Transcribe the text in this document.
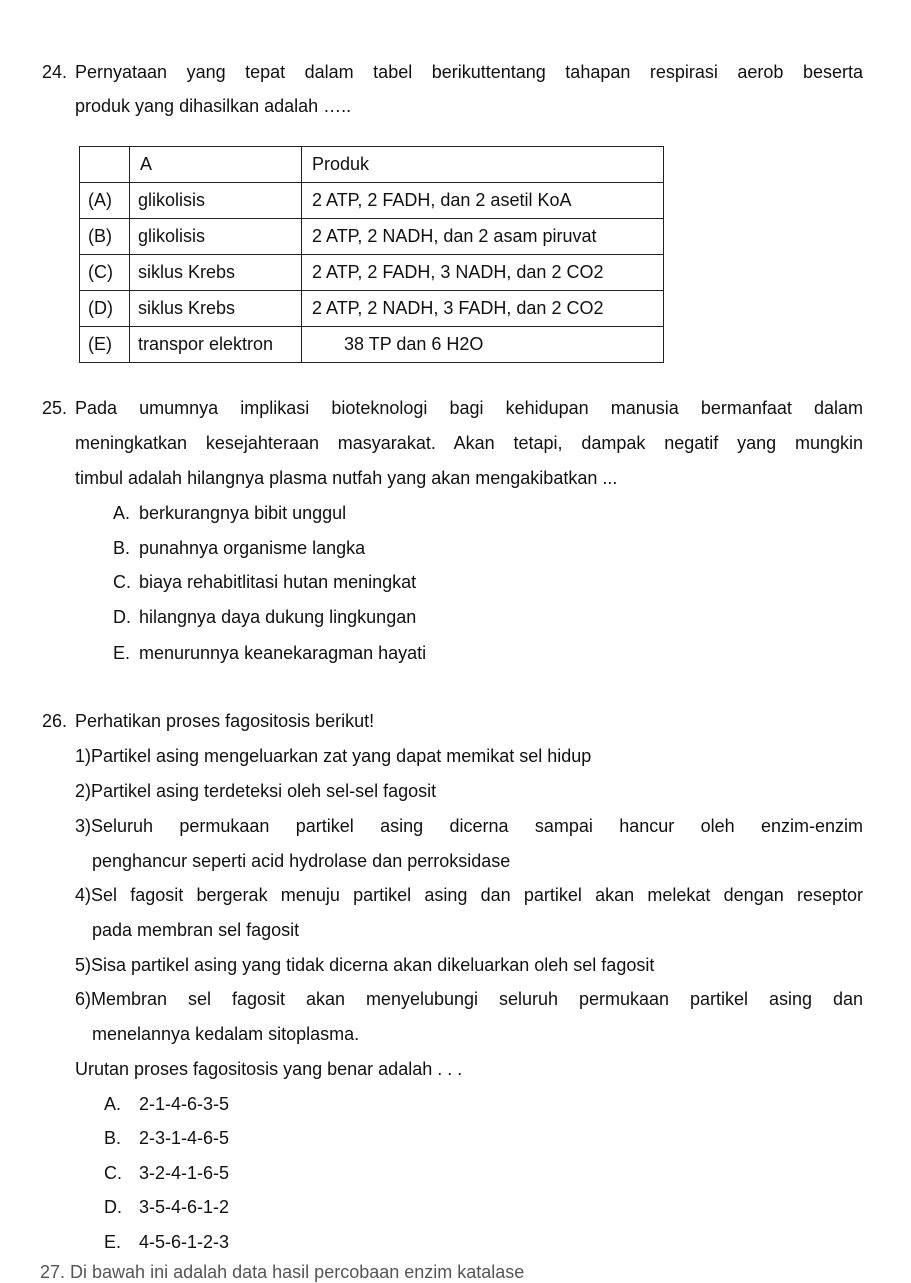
24. Pernyataan yang tepat dalam tabel berikuttentang tahapan respirasi aerob beserta
produk yang dihasilkan adalah …..
	A	Produk
(A)	glikolisis	2 ATP, 2 FADH, dan 2 asetil KoA
(B)	glikolisis	2 ATP, 2 NADH, dan 2 asam piruvat
(C)	siklus Krebs	2 ATP, 2 FADH, 3 NADH, dan 2 CO2
(D)	siklus Krebs	2 ATP, 2 NADH, 3 FADH, dan 2 CO2
(E)	transpor elektron	38 TP dan 6 H2O
25. Pada umumnya implikasi bioteknologi bagi kehidupan manusia bermanfaat dalam
meningkatkan kesejahteraan masyarakat. Akan tetapi, dampak negatif yang mungkin
timbul adalah hilangnya plasma nutfah yang akan mengakibatkan ...
A. berkurangnya bibit unggul
B. punahnya organisme langka
C. biaya rehabitlitasi hutan meningkat
D. hilangnya daya dukung lingkungan
E. menurunnya keanekaragman hayati
26. Perhatikan proses fagositosis berikut!
1)Partikel asing mengeluarkan zat yang dapat memikat sel hidup
2)Partikel asing terdeteksi oleh sel-sel fagosit
3)Seluruh permukaan partikel asing dicerna sampai hancur oleh enzim-enzim
penghancur seperti acid hydrolase dan perroksidase
4)Sel fagosit bergerak menuju partikel asing dan partikel akan melekat dengan reseptor
pada membran sel fagosit
5)Sisa partikel asing yang tidak dicerna akan dikeluarkan oleh sel fagosit
6)Membran sel fagosit akan menyelubungi seluruh permukaan partikel asing dan
menelannya kedalam sitoplasma.
Urutan proses fagositosis yang benar adalah . . .
A. 2-1-4-6-3-5
B. 2-3-1-4-6-5
C. 3-2-4-1-6-5
D. 3-5-4-6-1-2
E. 4-5-6-1-2-3
27. Di bawah ini adalah data hasil percobaan enzim katalase
